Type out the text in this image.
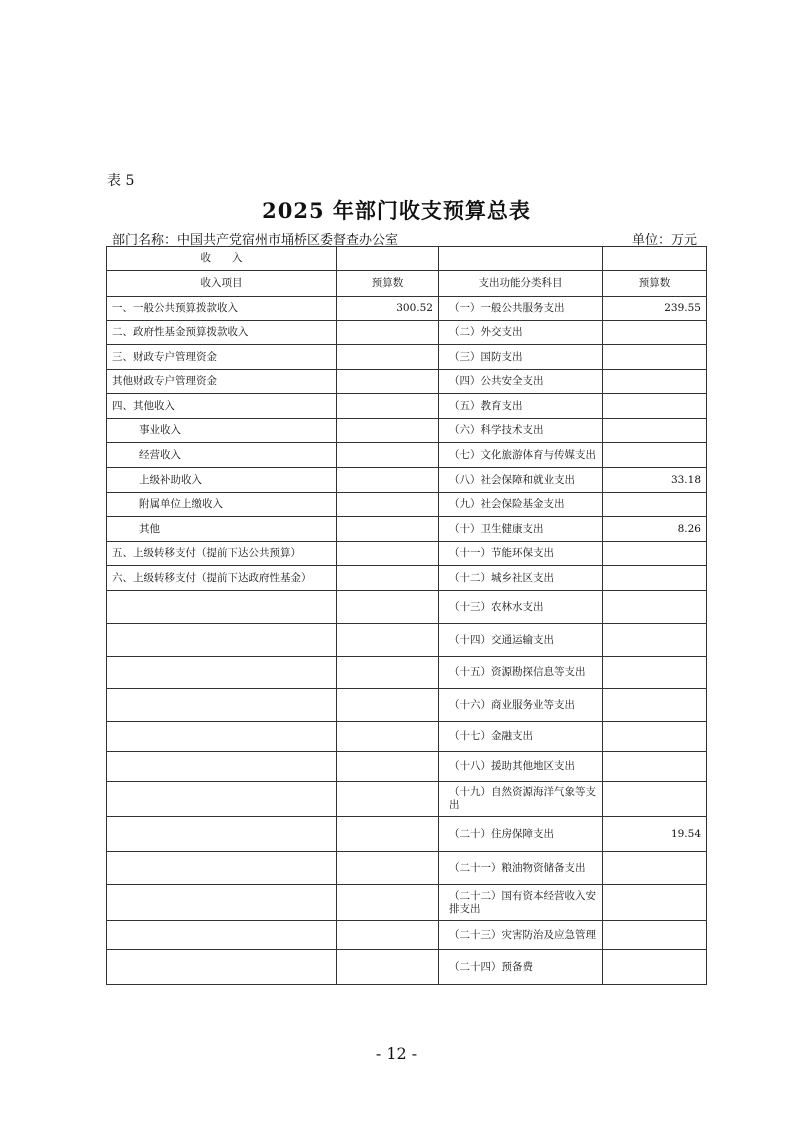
表 5
2025 年部门收支预算总表
部门名称：中国共产党宿州市埇桥区委督查办公室	单位：万元
收　　入			
收入项目	预算数	支出功能分类科目	预算数
一、一般公共预算拨款收入	300.52	（一）一般公共服务支出	239.55
二、政府性基金预算拨款收入		（二）外交支出	
三、财政专户管理资金		（三）国防支出	
其他财政专户管理资金		（四）公共安全支出	
四、其他收入		（五）教育支出	
事业收入		（六）科学技术支出	
经营收入		（七）文化旅游体育与传媒支出	
上级补助收入		（八）社会保障和就业支出	33.18
附属单位上缴收入		（九）社会保险基金支出	
其他		（十）卫生健康支出	8.26
五、上级转移支付（提前下达公共预算）		（十一）节能环保支出	
六、上级转移支付（提前下达政府性基金）		（十二）城乡社区支出	
		（十三）农林水支出	
		（十四）交通运输支出	
		（十五）资源勘探信息等支出	
		（十六）商业服务业等支出	
		（十七）金融支出	
		（十八）援助其他地区支出	
		（十九）自然资源海洋气象等支出	
		（二十）住房保障支出	19.54
		（二十一）粮油物资储备支出	
		（二十二）国有资本经营收入安排支出	
		（二十三）灾害防治及应急管理	
		（二十四）预备费	
- 12 -
